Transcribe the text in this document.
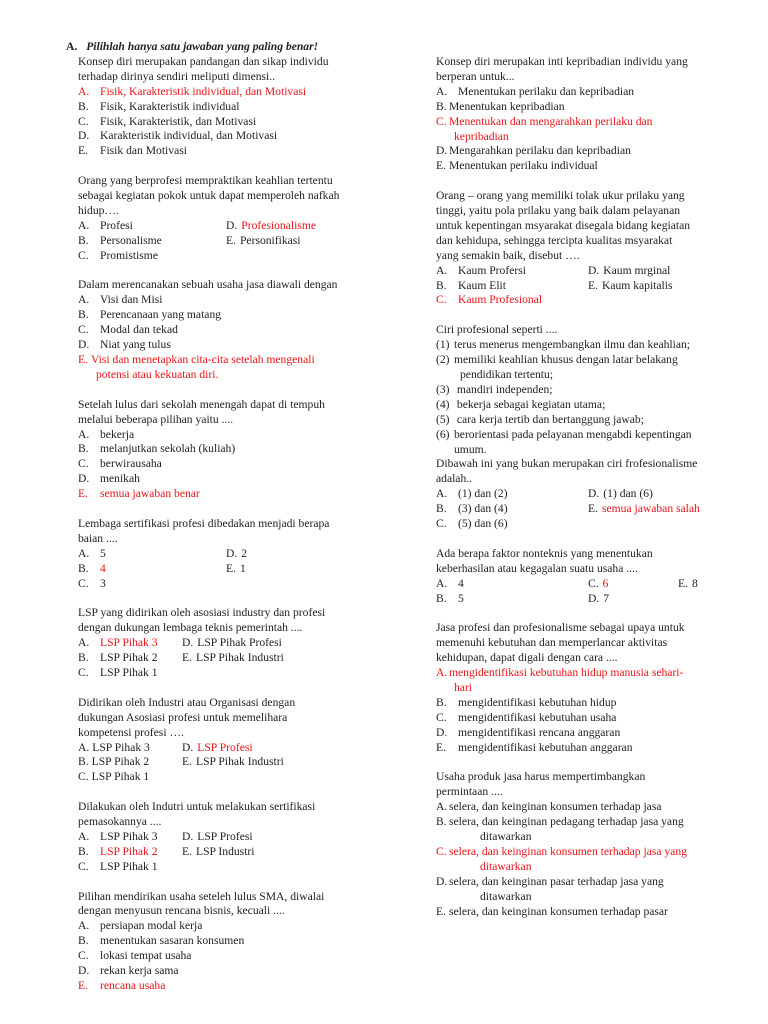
A. Pilihlah hanya satu jawaban yang paling benar!
Konsep diri merupakan pandangan dan sikap individu
terhadap dirinya sendiri meliputi dimensi..
A. Fisik, Karakteristik individual, dan Motivasi
B. Fisik, Karakteristik individual
C. Fisik, Karakteristik, dan Motivasi
D. Karakteristik individual, dan Motivasi
E.	Fisik dan Motivasi
Orang yang berprofesi mempraktikan keahlian tertentu
sebagai kegiatan pokok untuk dapat memperoleh nafkah
hidup….
A. Profesi	D. Profesionalisme
B. Personalisme	E. Personifikasi
C. Promistisme
Dalam merencanakan sebuah usaha jasa diawali dengan
A. Visi dan Misi
B. Perencanaan yang matang
C. Modal dan tekad
D. Niat yang tulus
E. Visi dan menetapkan cita-cita setelah mengenali
potensi atau kekuatan diri.
Setelah lulus dari sekolah menengah dapat di tempuh
melalui beberapa pilihan yaitu ....
A. bekerja
B. melanjutkan sekolah (kuliah)
C. berwirausaha
D. menikah
E.	semua jawaban benar
Lembaga sertifikasi profesi dibedakan menjadi berapa
baian ....
A. 5	D. 2
B. 4	E. 1
C. 3
LSP yang didirikan oleh asosiasi industry dan profesi
dengan dukungan lembaga teknis pemerintah ....
A. LSP Pihak 3 D. LSP Pihak Profesi
B. LSP Pihak 2 E. LSP Pihak Industri
C. LSP Pihak 1
Didirikan oleh Industri atau Organisasi dengan
dukungan Asosiasi profesi untuk memelihara
kompetensi profesi ….
A. LSP Pihak 3	D. LSP Profesi
B. LSP Pihak 2	E. LSP Pihak Industri
C. LSP Pihak 1
Dilakukan oleh Indutri untuk melakukan sertifikasi
pemasokannya ....
A. LSP Pihak 3 D. LSP Profesi
B. LSP Pihak 2 E. LSP Industri
C. LSP Pihak 1
Pilihan mendirikan usaha seteleh lulus SMA, diwalai
dengan menyusun rencana bisnis, kecuali ....
A. persiapan modal kerja
B. menentukan sasaran konsumen
C. lokasi tempat usaha
D. rekan kerja sama
E.	rencana usaha
Konsep diri merupakan inti kepribadian individu yang
berperan untuk...
A. Menentukan perilaku dan kepribadian
B. Menentukan kepribadian
C. Menentukan dan mengarahkan perilaku dan
kepribadian
D. Mengarahkan perilaku dan kepribadian
E. Menentukan perilaku individual
Orang – orang yang memiliki tolak ukur prilaku yang
tinggi, yaitu pola prilaku yang baik dalam pelayanan
untuk kepentingan msyarakat disegala bidang kegiatan
dan kehidupa, sehingga tercipta kualitas msyarakat
yang semakin baik, disebut ….
A. Kaum Profersi	D. Kaum mrginal
B. Kaum Elit	E. Kaum kapitalis
C. Kaum Profesional
Ciri profesional seperti ....
(1) terus menerus mengembangkan ilmu dan keahlian;
(2) memiliki keahlian khusus dengan latar belakang
pendidikan tertentu;
(3) mandiri independen;
(4) bekerja sebagai kegiatan utama;
(5) cara kerja tertib dan bertanggung jawab;
(6) berorientasi pada pelayanan mengabdi kepentingan
umum.
Dibawah ini yang bukan merupakan ciri frofesionalisme
adalah..
A. (1) dan (2)	D. (1) dan (6)
B. (3) dan (4)	E. semua jawaban salah
C. (5) dan (6)
Ada berapa faktor nonteknis yang menentukan
keberhasilan atau kegagalan suatu usaha ....
A. 4	C. 6	E. 8
B. 5	D. 7
Jasa profesi dan profesionalisme sebagai upaya untuk
memenuhi kebutuhan dan memperlancar aktivitas
kehidupan, dapat digali dengan cara ....
A. mengidentifikasi kebutuhan hidup manusia sehari-
hari
B. mengidentifikasi kebutuhan hidup
C. mengidentifikasi kebutuhan usaha
D. mengidentifikasi rencana anggaran
E.	mengidentifikasi kebutuhan anggaran
Usaha produk jasa harus mempertimbangkan
permintaan ....
A. selera, dan keinginan konsumen terhadap jasa
B. selera, dan keinginan pedagang terhadap jasa yang
ditawarkan
C. selera, dan keinginan konsumen terhadap jasa yang
ditawarkan
D. selera, dan keinginan pasar terhadap jasa yang
ditawarkan
E. selera, dan keinginan konsumen terhadap pasar
